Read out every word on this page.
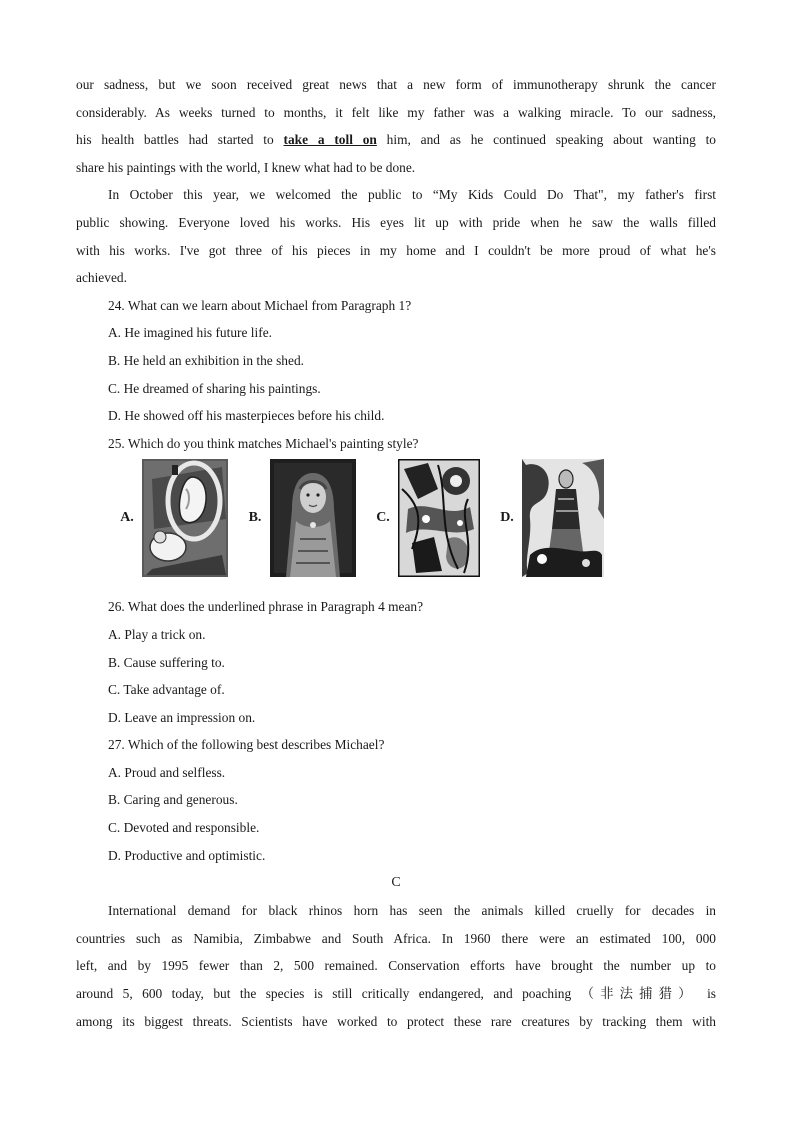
our sadness, but we soon received great news that a new form of immunotherapy shrunk the cancer
considerably. As weeks turned to months, it felt like my father was a walking miracle. To our sadness,
his health battles had started to take a toll on him, and as he continued speaking about wanting to
share his paintings with the world, I knew what had to be done.
In October this year, we welcomed the public to “My Kids Could Do That", my father's first
public showing. Everyone loved his works. His eyes lit up with pride when he saw the walls filled
with his works. I've got three of his pieces in my home and I couldn't be more proud of what he's
achieved.
24. What can we learn about Michael from Paragraph 1?
A. He imagined his future life.
B. He held an exhibition in the shed.
C. He dreamed of sharing his paintings.
D. He showed off his masterpieces before his child.
25. Which do you think matches Michael's painting style?
A.	B.	C.	D.
26. What does the underlined phrase in Paragraph 4 mean?
A. Play a trick on.
B. Cause suffering to.
C. Take advantage of.
D. Leave an impression on.
27. Which of the following best describes Michael?
A. Proud and selfless.
B. Caring and generous.
C. Devoted and responsible.
D. Productive and optimistic.
C
International demand for black rhinos horn has seen the animals killed cruelly for decades in
countries such as Namibia, Zimbabwe and South Africa. In 1960 there were an estimated 100, 000
left, and by 1995 fewer than 2, 500 remained. Conservation efforts have brought the number up to
around 5, 600 today, but the species is still critically endangered, and poaching （非法捕猎） is
among its biggest threats. Scientists have worked to protect these rare creatures by tracking them with
